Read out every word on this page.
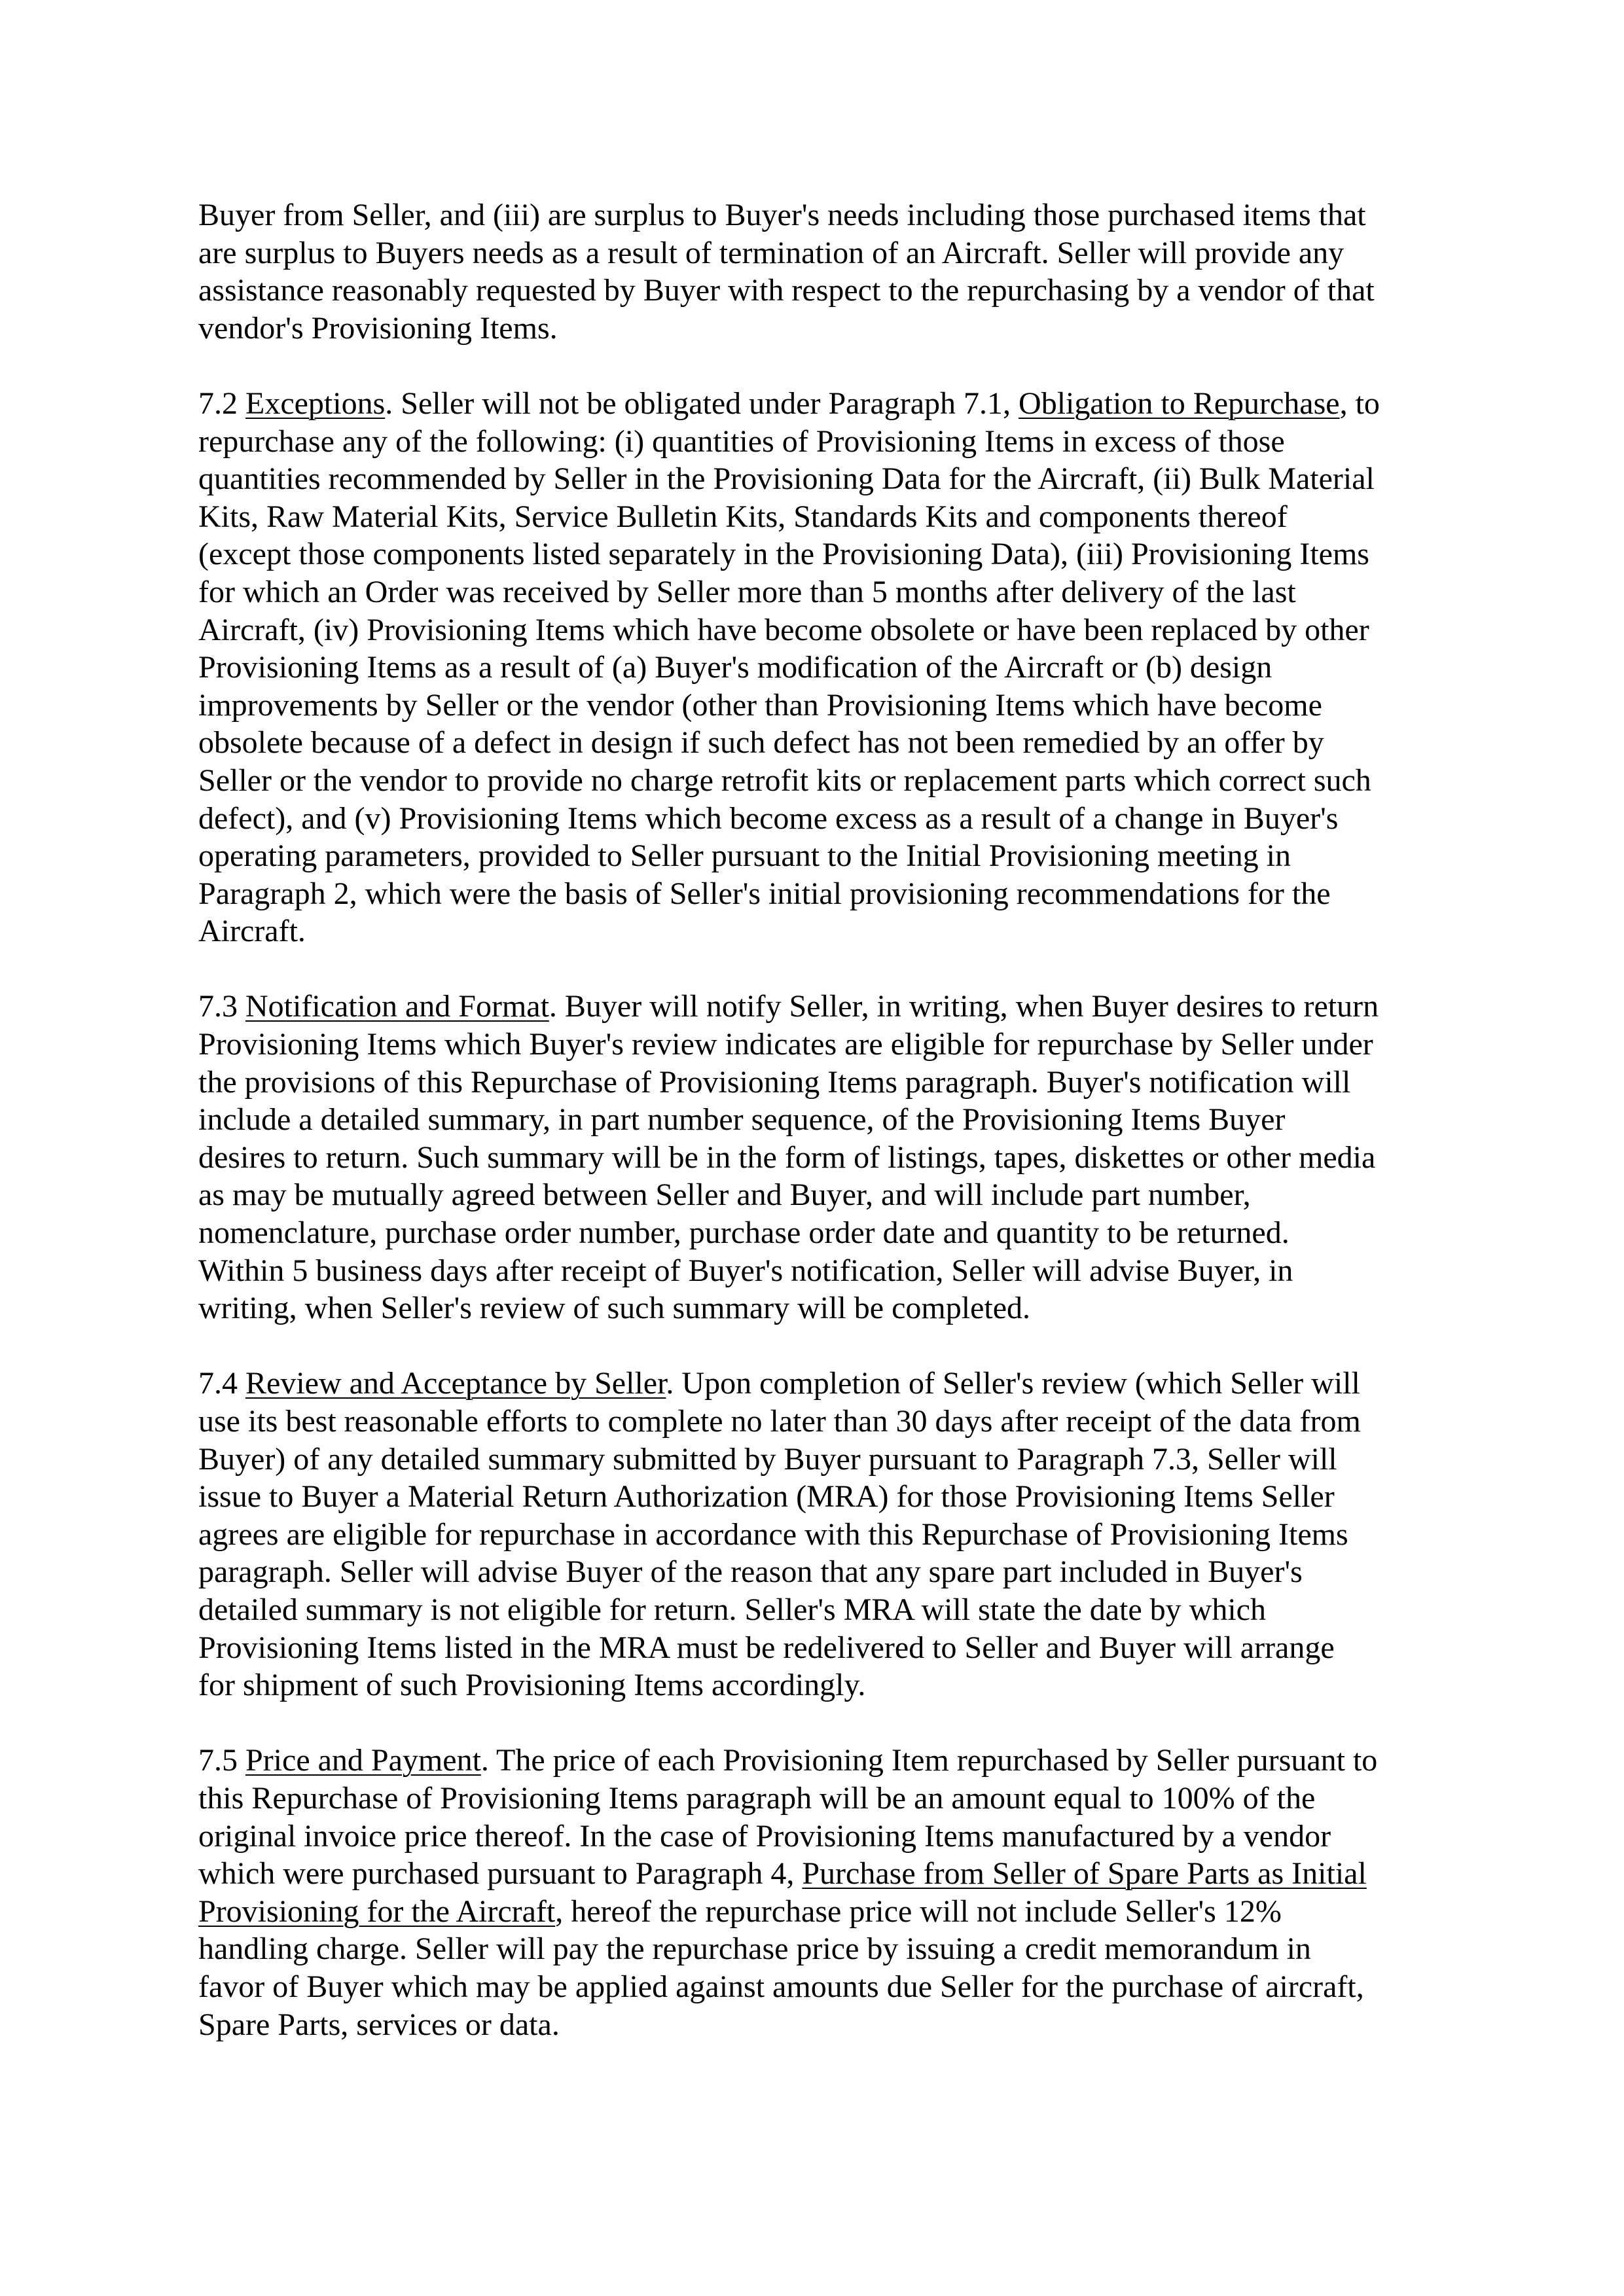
Buyer from Seller, and (iii) are surplus to Buyer's needs including those purchased items that
are surplus to Buyers needs as a result of termination of an Aircraft. Seller will provide any
assistance reasonably requested by Buyer with respect to the repurchasing by a vendor of that
vendor's Provisioning Items.

7.2 Exceptions. Seller will not be obligated under Paragraph 7.1, Obligation to Repurchase, to
repurchase any of the following: (i) quantities of Provisioning Items in excess of those
quantities recommended by Seller in the Provisioning Data for the Aircraft, (ii) Bulk Material
Kits, Raw Material Kits, Service Bulletin Kits, Standards Kits and components thereof
(except those components listed separately in the Provisioning Data), (iii) Provisioning Items
for which an Order was received by Seller more than 5 months after delivery of the last
Aircraft, (iv) Provisioning Items which have become obsolete or have been replaced by other
Provisioning Items as a result of (a) Buyer's modification of the Aircraft or (b) design
improvements by Seller or the vendor (other than Provisioning Items which have become
obsolete because of a defect in design if such defect has not been remedied by an offer by
Seller or the vendor to provide no charge retrofit kits or replacement parts which correct such
defect), and (v) Provisioning Items which become excess as a result of a change in Buyer's
operating parameters, provided to Seller pursuant to the Initial Provisioning meeting in
Paragraph 2, which were the basis of Seller's initial provisioning recommendations for the
Aircraft.

7.3 Notification and Format. Buyer will notify Seller, in writing, when Buyer desires to return
Provisioning Items which Buyer's review indicates are eligible for repurchase by Seller under
the provisions of this Repurchase of Provisioning Items paragraph. Buyer's notification will
include a detailed summary, in part number sequence, of the Provisioning Items Buyer
desires to return. Such summary will be in the form of listings, tapes, diskettes or other media
as may be mutually agreed between Seller and Buyer, and will include part number,
nomenclature, purchase order number, purchase order date and quantity to be returned.
Within 5 business days after receipt of Buyer's notification, Seller will advise Buyer, in
writing, when Seller's review of such summary will be completed.

7.4 Review and Acceptance by Seller. Upon completion of Seller's review (which Seller will
use its best reasonable efforts to complete no later than 30 days after receipt of the data from
Buyer) of any detailed summary submitted by Buyer pursuant to Paragraph 7.3, Seller will
issue to Buyer a Material Return Authorization (MRA) for those Provisioning Items Seller
agrees are eligible for repurchase in accordance with this Repurchase of Provisioning Items
paragraph. Seller will advise Buyer of the reason that any spare part included in Buyer's
detailed summary is not eligible for return. Seller's MRA will state the date by which
Provisioning Items listed in the MRA must be redelivered to Seller and Buyer will arrange
for shipment of such Provisioning Items accordingly.

7.5 Price and Payment. The price of each Provisioning Item repurchased by Seller pursuant to
this Repurchase of Provisioning Items paragraph will be an amount equal to 100% of the
original invoice price thereof. In the case of Provisioning Items manufactured by a vendor
which were purchased pursuant to Paragraph 4, Purchase from Seller of Spare Parts as Initial
Provisioning for the Aircraft, hereof the repurchase price will not include Seller's 12%
handling charge. Seller will pay the repurchase price by issuing a credit memorandum in
favor of Buyer which may be applied against amounts due Seller for the purchase of aircraft,
Spare Parts, services or data.
